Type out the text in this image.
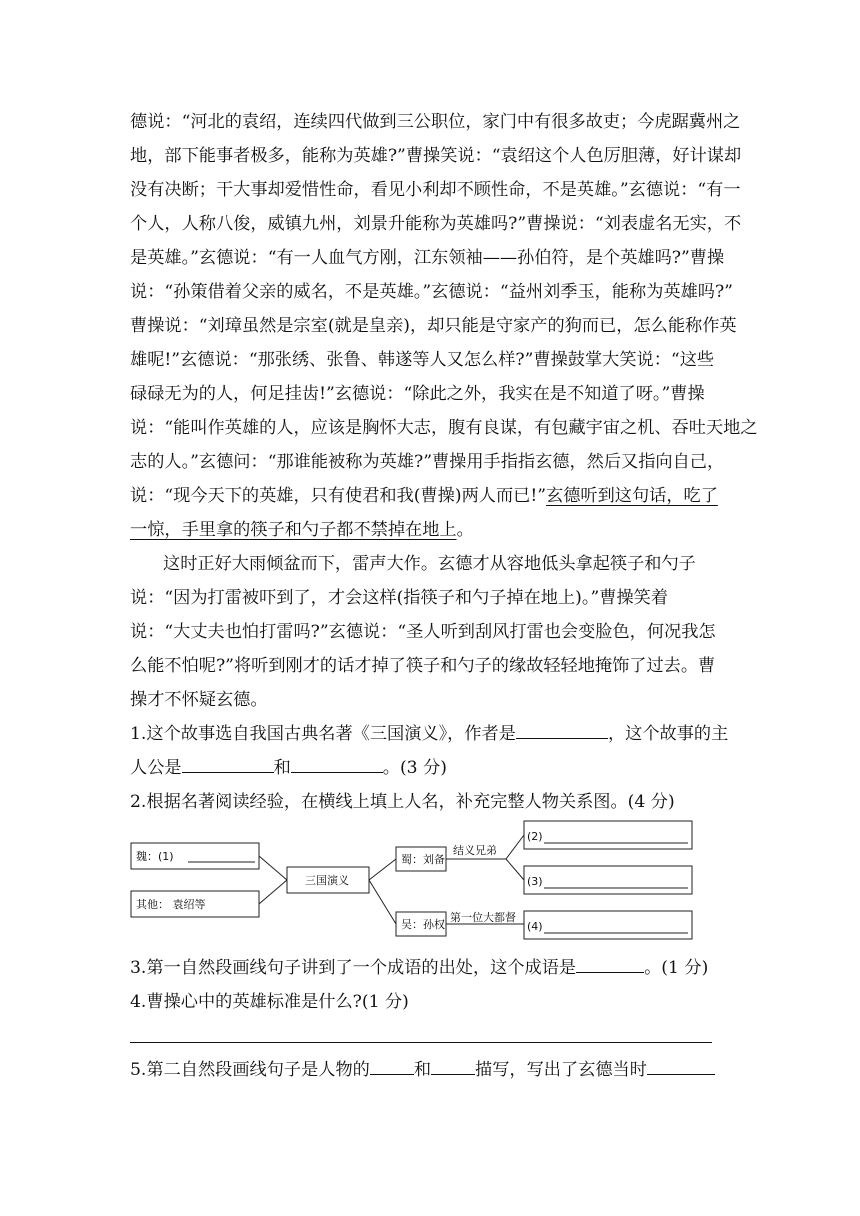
德说：“河北的袁绍，连续四代做到三公职位，家门中有很多故吏；今虎踞冀州之
地，部下能事者极多，能称为英雄?”曹操笑说：“袁绍这个人色厉胆薄，好计谋却
没有决断；干大事却爱惜性命，看见小利却不顾性命，不是英雄。”玄德说：“有一
个人，人称八俊，威镇九州，刘景升能称为英雄吗?”曹操说：“刘表虚名无实，不
是英雄。”玄德说：“有一人血气方刚，江东领袖——孙伯符，是个英雄吗?”曹操
说：“孙策借着父亲的威名，不是英雄。”玄德说：“益州刘季玉，能称为英雄吗?”
曹操说：“刘璋虽然是宗室(就是皇亲)，却只能是守家产的狗而已，怎么能称作英
雄呢!”玄德说：“那张绣、张鲁、韩遂等人又怎么样?”曹操鼓掌大笑说：“这些
碌碌无为的人，何足挂齿!”玄德说：“除此之外，我实在是不知道了呀。”曹操
说：“能叫作英雄的人，应该是胸怀大志，腹有良谋，有包藏宇宙之机、吞吐天地之
志的人。”玄德问：“那谁能被称为英雄?”曹操用手指指玄德，然后又指向自己，
说：“现今天下的英雄，只有使君和我(曹操)两人而已!”玄德听到这句话，吃了
一惊，手里拿的筷子和勺子都不禁掉在地上。
这时正好大雨倾盆而下，雷声大作。玄德才从容地低头拿起筷子和勺子
说：“因为打雷被吓到了，才会这样(指筷子和勺子掉在地上)。”曹操笑着
说：“大丈夫也怕打雷吗?”玄德说：“圣人听到刮风打雷也会变脸色，何况我怎
么能不怕呢?”将听到刚才的话才掉了筷子和勺子的缘故轻轻地掩饰了过去。曹
操才不怀疑玄德。
1.这个故事选自我国古典名著《三国演义》，作者是	，这个故事的主
人公是	和	。(3 分)
2.根据名著阅读经验，在横线上填上人名，补充完整人物关系图。(4 分)
魏：(1)
其他： 袁绍等
三国演义
蜀：刘备
吴：孙权
结义兄弟
第一位大都督
(2)
(3)
(4)
3.第一自然段画线句子讲到了一个成语的出处，这个成语是	。(1 分)
4.曹操心中的英雄标准是什么?(1 分)
5.第二自然段画线句子是人物的	和	描写，写出了玄德当时
